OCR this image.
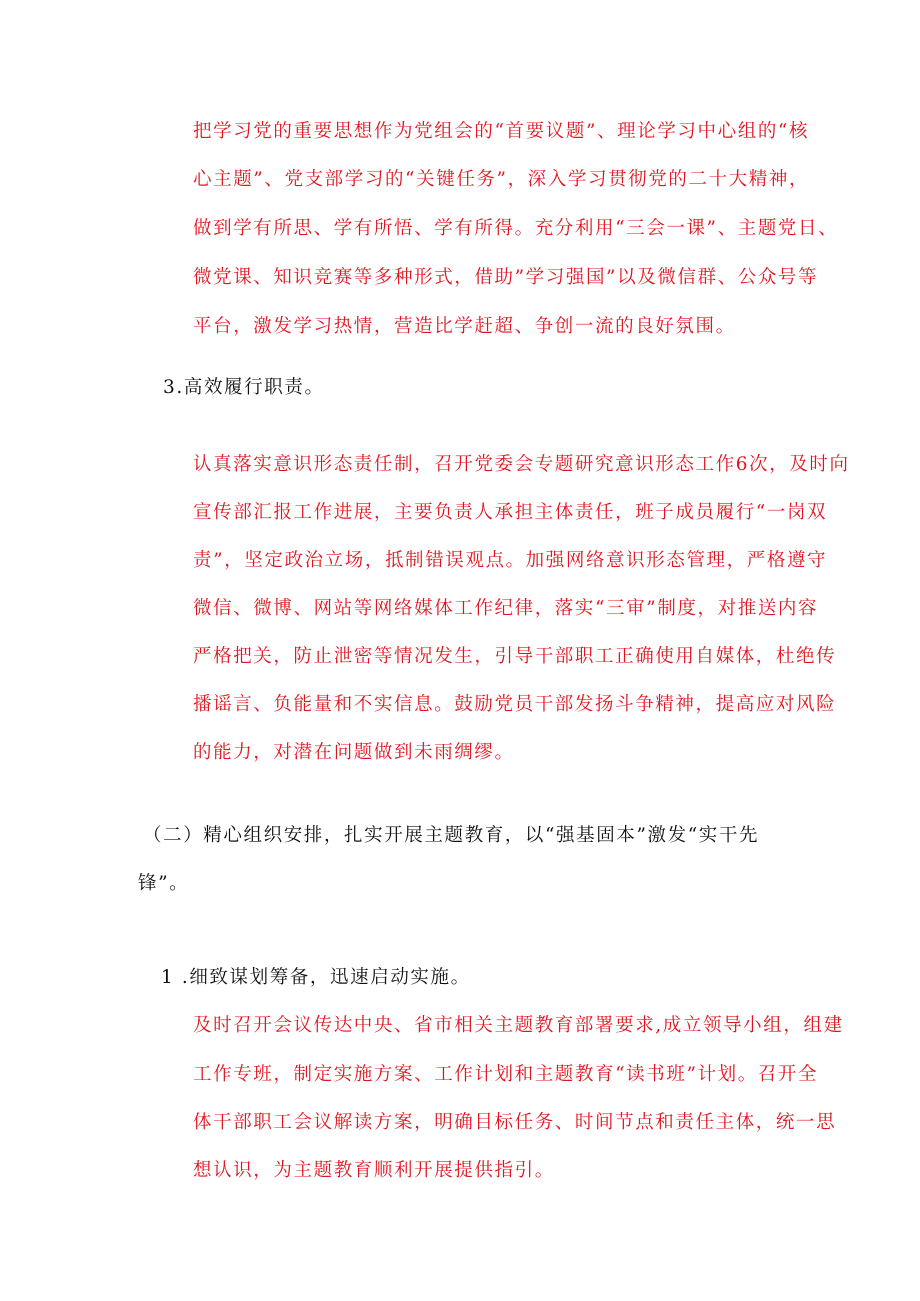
把学习党的重要思想作为党组会的“首要议题”、理论学习中心组的“核

心主题”、党支部学习的“关键任务”，深入学习贯彻党的二十大精神，

做到学有所思、学有所悟、学有所得。充分利用“三会一课”、主题党日、

微党课、知识竞赛等多种形式，借助”学习强国”以及微信群、公众号等

平台，激发学习热情，营造比学赶超、争创一流的良好氛围。

3.高效履行职责。

认真落实意识形态责任制，召开党委会专题研究意识形态工作6次，及时向

宣传部汇报工作进展，主要负责人承担主体责任，班子成员履行“一岗双

责”，坚定政治立场，抵制错误观点。加强网络意识形态管理，严格遵守

微信、微博、网站等网络媒体工作纪律，落实“三审”制度，对推送内容

严格把关，防止泄密等情况发生，引导干部职工正确使用自媒体，杜绝传

播谣言、负能量和不实信息。鼓励党员干部发扬斗争精神，提高应对风险

的能力，对潜在问题做到未雨绸缪。

（二）精心组织安排，扎实开展主题教育，以“强基固本”激发“实干先

锋”。

1 .细致谋划筹备，迅速启动实施。

及时召开会议传达中央、省市相关主题教育部署要求,成立领导小组，组建

工作专班，制定实施方案、工作计划和主题教育“读书班”计划。召开全

体干部职工会议解读方案，明确目标任务、时间节点和责任主体，统一思

想认识，为主题教育顺利开展提供指引。
